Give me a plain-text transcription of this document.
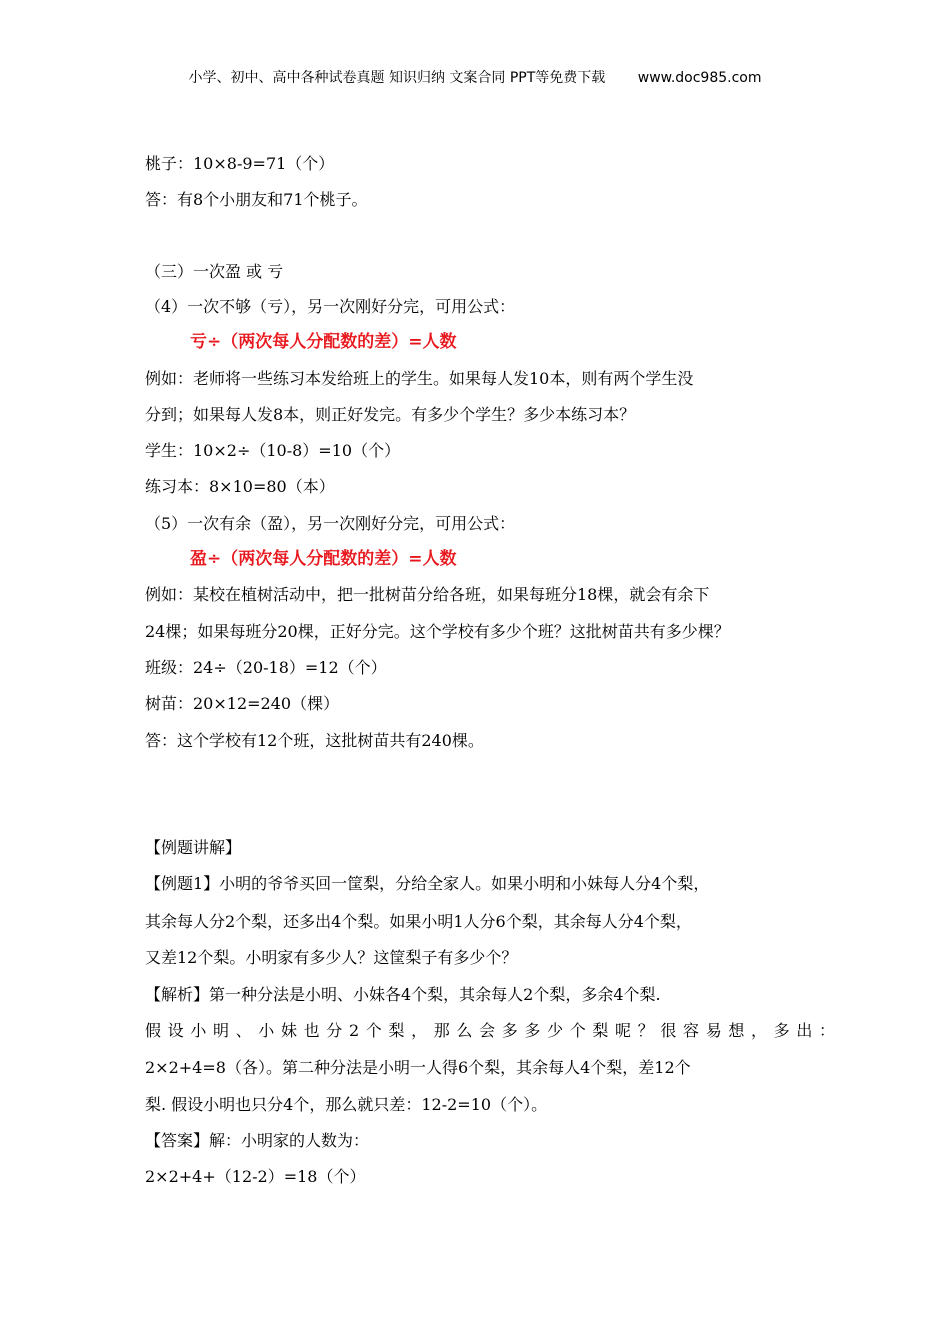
小学、初中、高中各种试卷真题 知识归纳 文案合同 PPT等免费下载 www.doc985.com
桃子：10×8-9=71（个）
答：有8个小朋友和71个桃子。
（三）一次盈 或 亏
（4）一次不够（亏），另一次刚好分完，可用公式：
亏÷（两次每人分配数的差）=人数
例如：老师将一些练习本发给班上的学生。如果每人发10本，则有两个学生没
分到；如果每人发8本，则正好发完。有多少个学生？多少本练习本？
学生：10×2÷（10-8）=10（个）
练习本：8×10=80（本）
（5）一次有余（盈），另一次刚好分完，可用公式：
盈÷（两次每人分配数的差）=人数
例如：某校在植树活动中，把一批树苗分给各班，如果每班分18棵，就会有余下
24棵；如果每班分20棵，正好分完。这个学校有多少个班？这批树苗共有多少棵？
班级：24÷（20-18）=12（个）
树苗：20×12=240（棵）
答：这个学校有12个班，这批树苗共有240棵。
【例题讲解】
【例题1】小明的爷爷买回一筐梨，分给全家人。如果小明和小妹每人分4个梨，
其余每人分2个梨，还多出4个梨。如果小明1人分6个梨，其余每人分4个梨，
又差12个梨。小明家有多少人？这筐梨子有多少个？
【解析】第一种分法是小明、小妹各4个梨，其余每人2个梨，多余4个梨.
假设小明、小妹也分2个梨，那么会多多少个梨呢？很容易想，多出：
2×2+4=8（各）。第二种分法是小明一人得6个梨，其余每人4个梨，差12个
梨. 假设小明也只分4个，那么就只差：12-2=10（个）。
【答案】解：小明家的人数为：
2×2+4+（12-2）=18（个）
